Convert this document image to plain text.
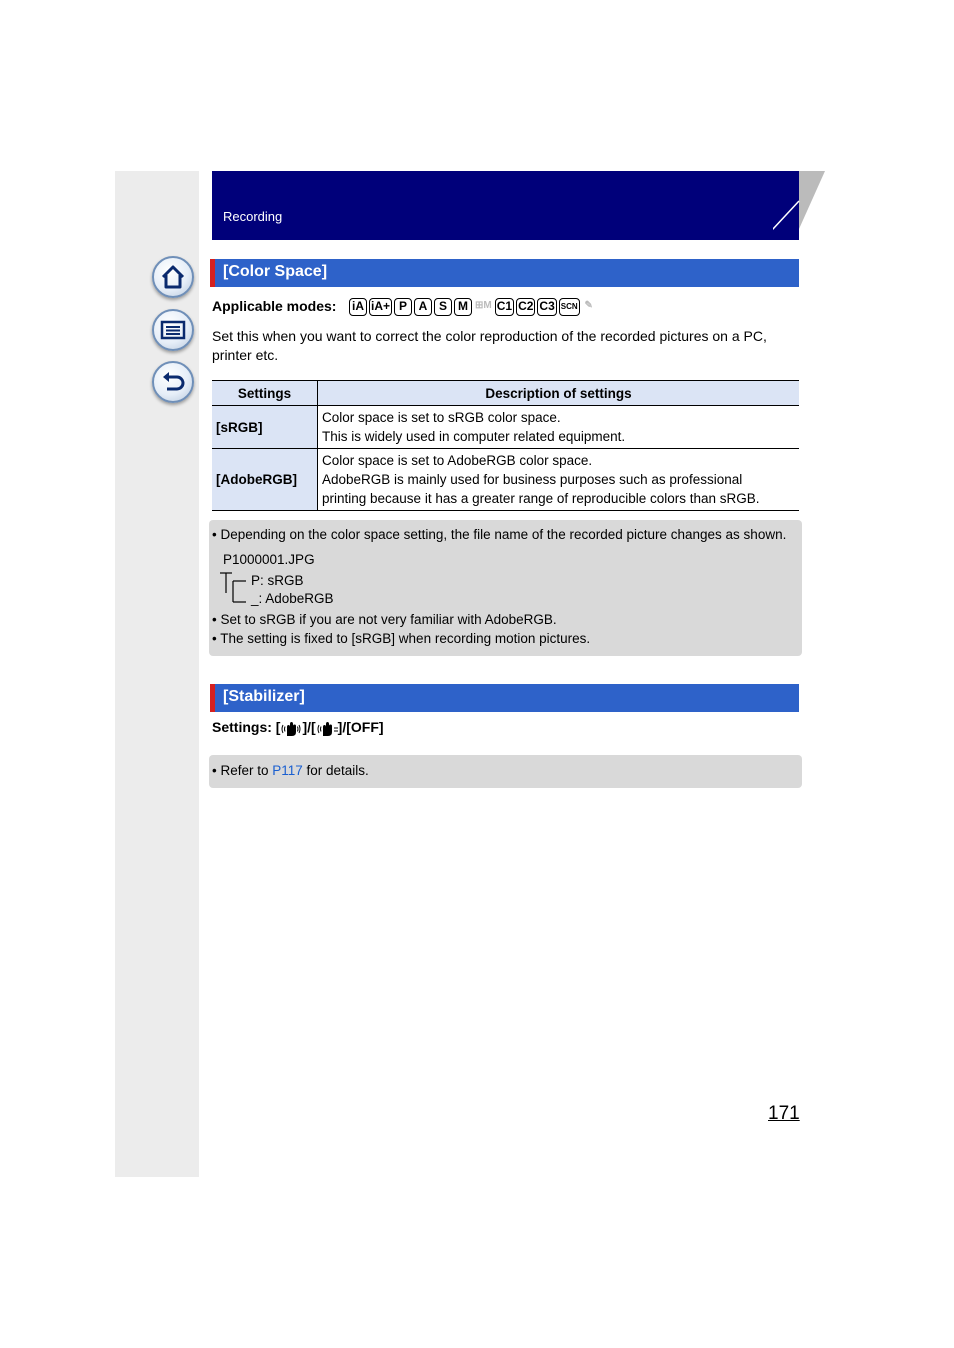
Recording
[Color Space]
Applicable modes: iA iA+ P A S M ⊞M C1 C2 C3 SCN ✎
Set this when you want to correct the color reproduction of the recorded pictures on a PC, printer etc.
Settings	Description of settings
[sRGB]	Color space is set to sRGB color space.
This is widely used in computer related equipment.

[AdobeRGB]	Color space is set to AdobeRGB color space.
AdobeRGB is mainly used for business purposes such as professional
printing because it has a greater range of reproducible colors than sRGB.
• Depending on the color space setting, the file name of the recorded picture changes as shown.
P1000001.JPG
P: sRGB
_: AdobeRGB
• Set to sRGB if you are not very familiar with AdobeRGB.
• The setting is fixed to [sRGB] when recording motion pictures.
[Stabilizer]
Settings: [ ]/[ ]/[OFF]
• Refer to P117 for details.
171
